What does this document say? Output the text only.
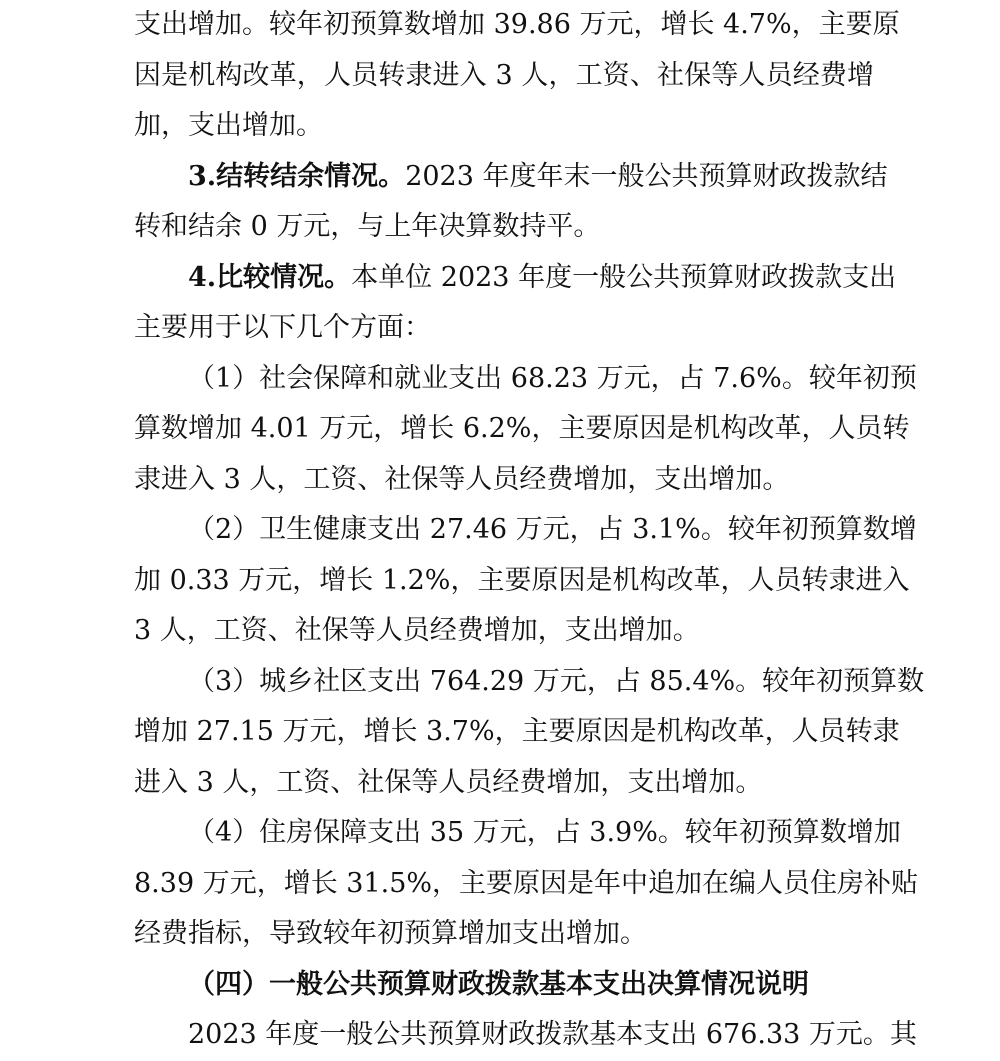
支出增加。较年初预算数增加 39.86 万元，增长 4.7%，主要原
因是机构改革，人员转隶进入 3 人，工资、社保等人员经费增
加，支出增加。
3.结转结余情况。2023 年度年末一般公共预算财政拨款结
转和结余 0 万元，与上年决算数持平。
4.比较情况。本单位 2023 年度一般公共预算财政拨款支出
主要用于以下几个方面：
（1）社会保障和就业支出 68.23 万元，占 7.6%。较年初预
算数增加 4.01 万元，增长 6.2%，主要原因是机构改革，人员转
隶进入 3 人，工资、社保等人员经费增加，支出增加。
（2）卫生健康支出 27.46 万元，占 3.1%。较年初预算数增
加 0.33 万元，增长 1.2%，主要原因是机构改革，人员转隶进入
3 人，工资、社保等人员经费增加，支出增加。
（3）城乡社区支出 764.29 万元，占 85.4%。较年初预算数
增加 27.15 万元，增长 3.7%，主要原因是机构改革，人员转隶
进入 3 人，工资、社保等人员经费增加，支出增加。
（4）住房保障支出 35 万元，占 3.9%。较年初预算数增加
8.39 万元，增长 31.5%，主要原因是年中追加在编人员住房补贴
经费指标，导致较年初预算增加支出增加。
（四）一般公共预算财政拨款基本支出决算情况说明
2023 年度一般公共预算财政拨款基本支出 676.33 万元。其
